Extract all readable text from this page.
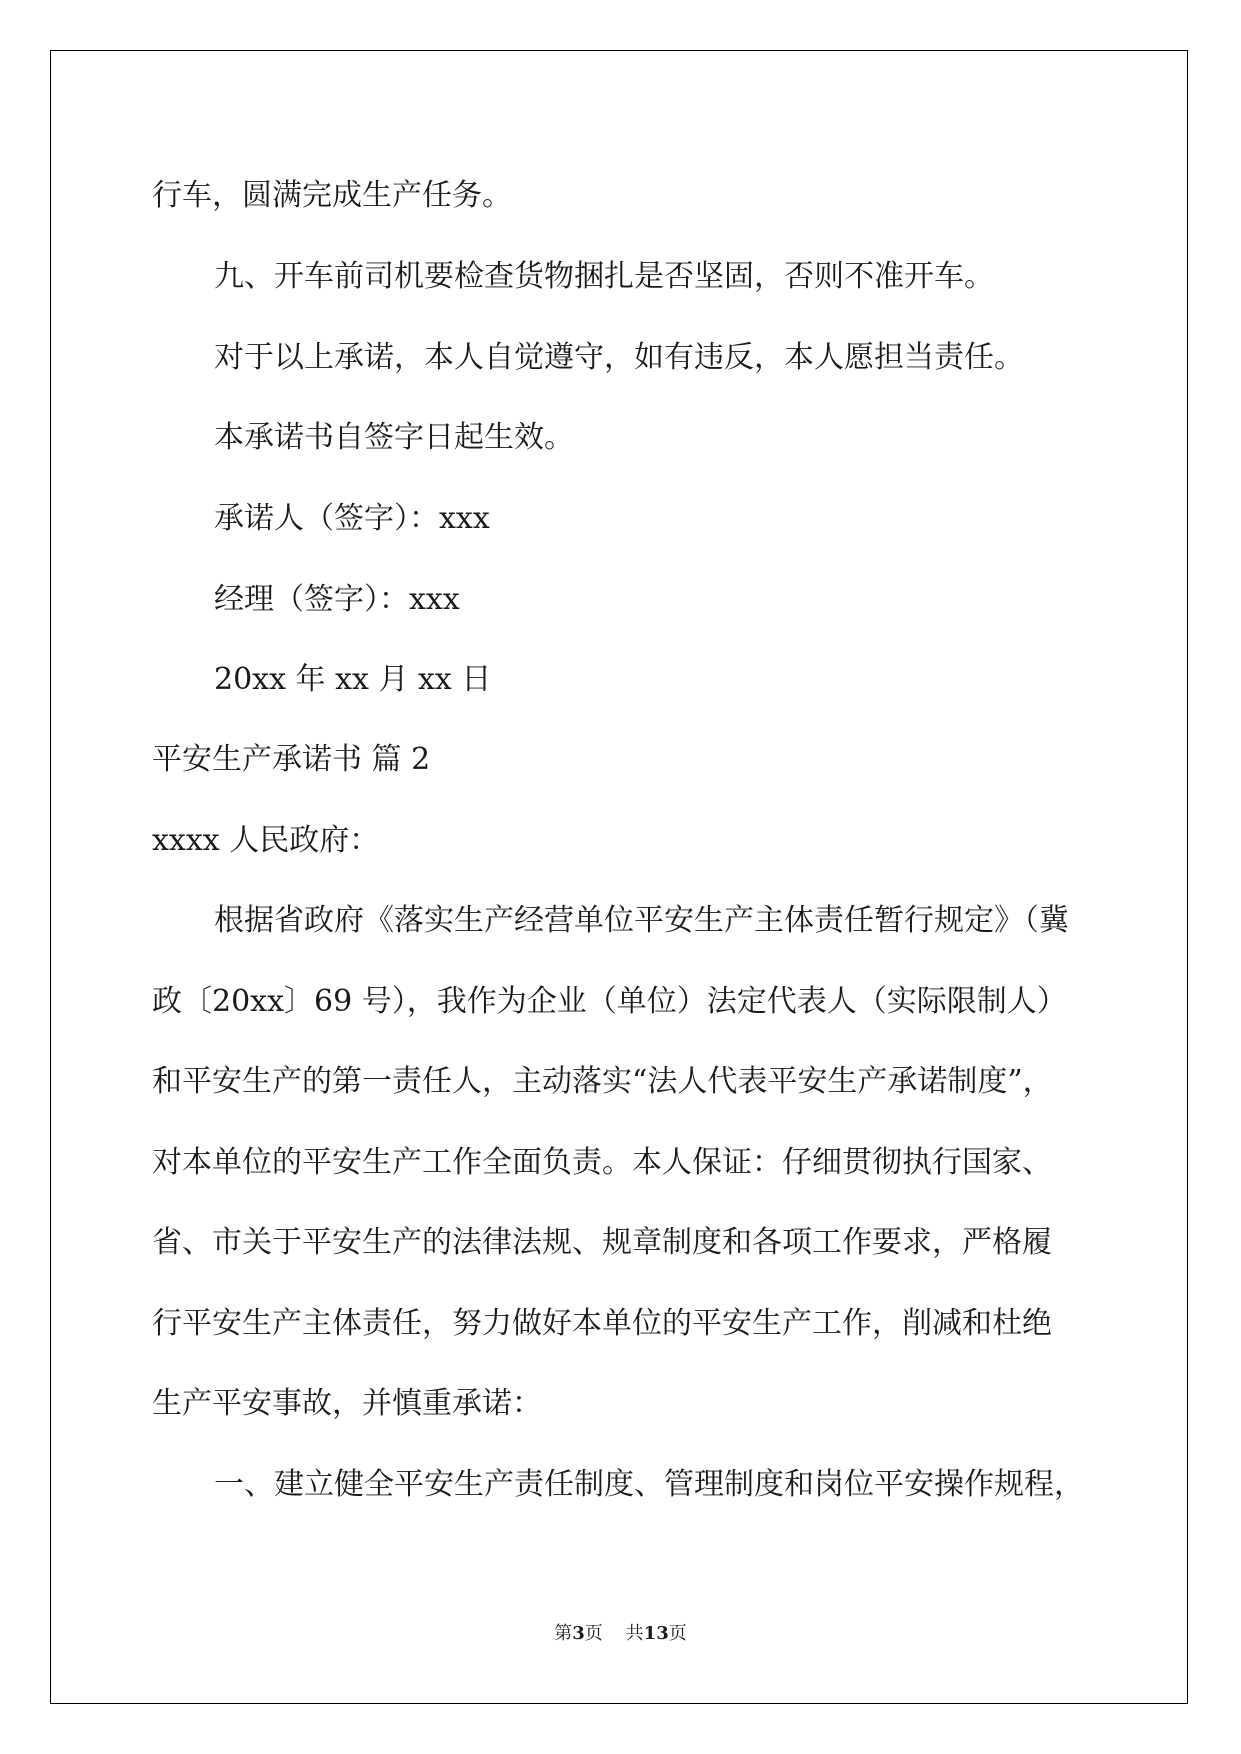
行车，圆满完成生产任务。

九、开车前司机要检查货物捆扎是否坚固，否则不准开车。

对于以上承诺，本人自觉遵守，如有违反，本人愿担当责任。

本承诺书自签字日起生效。

承诺人（签字）：xxx

经理（签字）：xxx

20xx 年 xx 月 xx 日

平安生产承诺书 篇 2

xxxx 人民政府：

根据省政府《落实生产经营单位平安生产主体责任暂行规定》（冀

政〔20xx〕69 号），我作为企业（单位）法定代表人（实际限制人）

和平安生产的第一责任人，主动落实“法人代表平安生产承诺制度”，

对本单位的平安生产工作全面负责。本人保证：仔细贯彻执行国家、

省、市关于平安生产的法律法规、规章制度和各项工作要求，严格履

行平安生产主体责任，努力做好本单位的平安生产工作，削减和杜绝

生产平安事故，并慎重承诺：

一、建立健全平安生产责任制度、管理制度和岗位平安操作规程，

第3页 共13页
